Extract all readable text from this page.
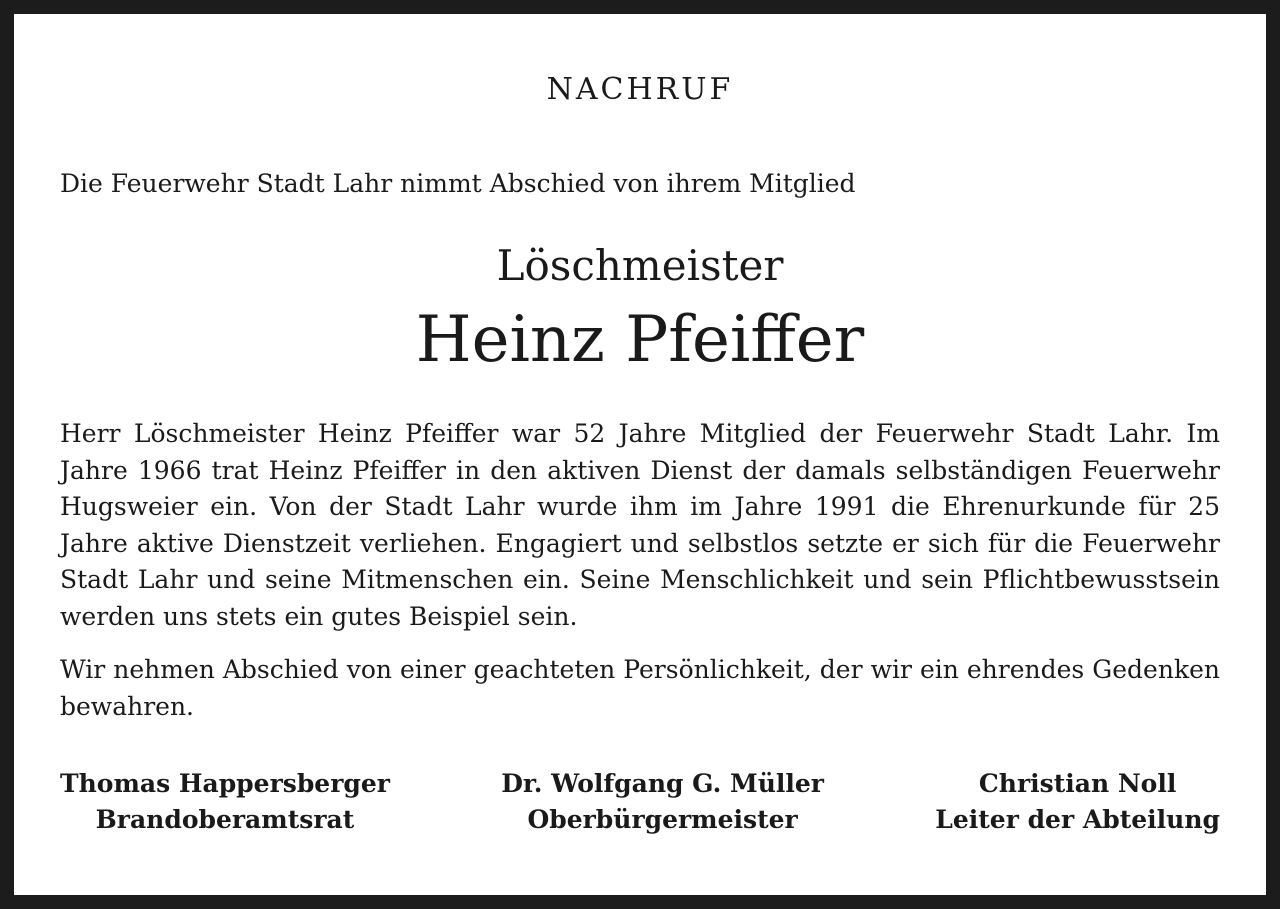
NACHRUF
Die Feuerwehr Stadt Lahr nimmt Abschied von ihrem Mitglied
Löschmeister
Heinz Pfeiffer
Herr Löschmeister Heinz Pfeiffer war 52 Jahre Mitglied der Feuerwehr Stadt Lahr. Im Jahre 1966 trat Heinz Pfeiffer in den aktiven Dienst der damals selbständigen Feuerwehr Hugsweier ein. Von der Stadt Lahr wurde ihm im Jahre 1991 die Ehrenurkunde für 25 Jahre aktive Dienstzeit verliehen. Engagiert und selbstlos setzte er sich für die Feuerwehr Stadt Lahr und seine Mitmenschen ein. Seine Menschlichkeit und sein Pflichtbewusstsein werden uns stets ein gutes Beispiel sein.
Wir nehmen Abschied von einer geachteten Persönlichkeit, der wir ein ehrendes Gedenken bewahren.
Thomas Happersberger
Brandoberamtsrat
Dr. Wolfgang G. Müller
Oberbürgermeister
Christian Noll
Leiter der Abteilung
